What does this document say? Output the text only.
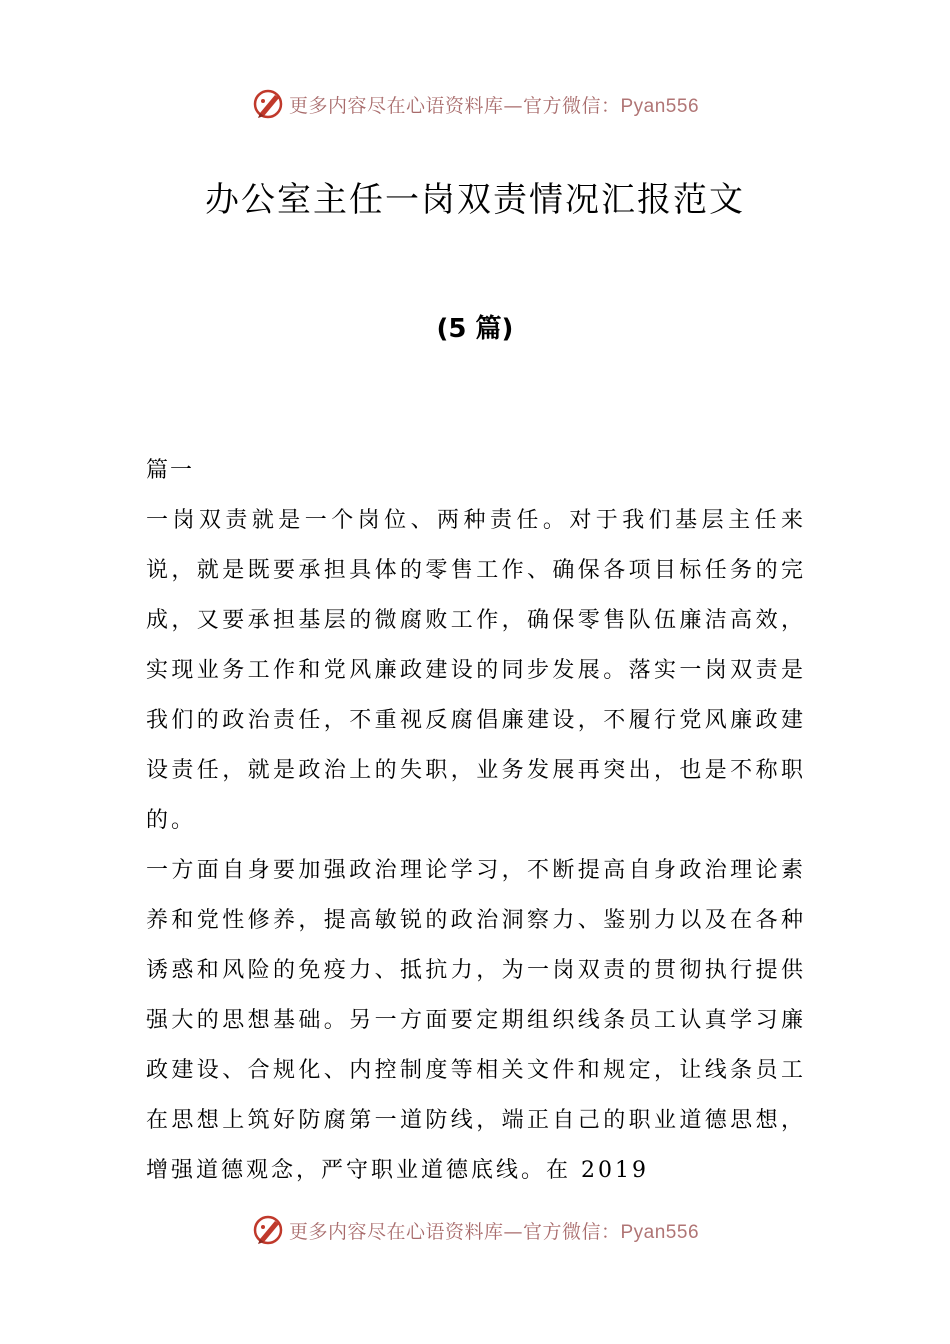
更多内容尽在心语资料库—官方微信：Pyan556
办公室主任一岗双责情况汇报范文
(5 篇)

篇一

一岗双责就是一个岗位、两种责任。对于我们基层主任来说，就是既要承担具体的零售工作、确保各项目标任务的完成，又要承担基层的微腐败工作，确保零售队伍廉洁高效，实现业务工作和党风廉政建设的同步发展。落实一岗双责是我们的政治责任，不重视反腐倡廉建设，不履行党风廉政建设责任，就是政治上的失职，业务发展再突出，也是不称职的。

一方面自身要加强政治理论学习，不断提高自身政治理论素养和党性修养，提高敏锐的政治洞察力、鉴别力以及在各种诱惑和风险的免疫力、抵抗力，为一岗双责的贯彻执行提供强大的思想基础。另一方面要定期组织线条员工认真学习廉政建设、合规化、内控制度等相关文件和规定，让线条员工在思想上筑好防腐第一道防线，端正自己的职业道德思想，增强道德观念，严守职业道德底线。在 2019

更多内容尽在心语资料库—官方微信：Pyan556
